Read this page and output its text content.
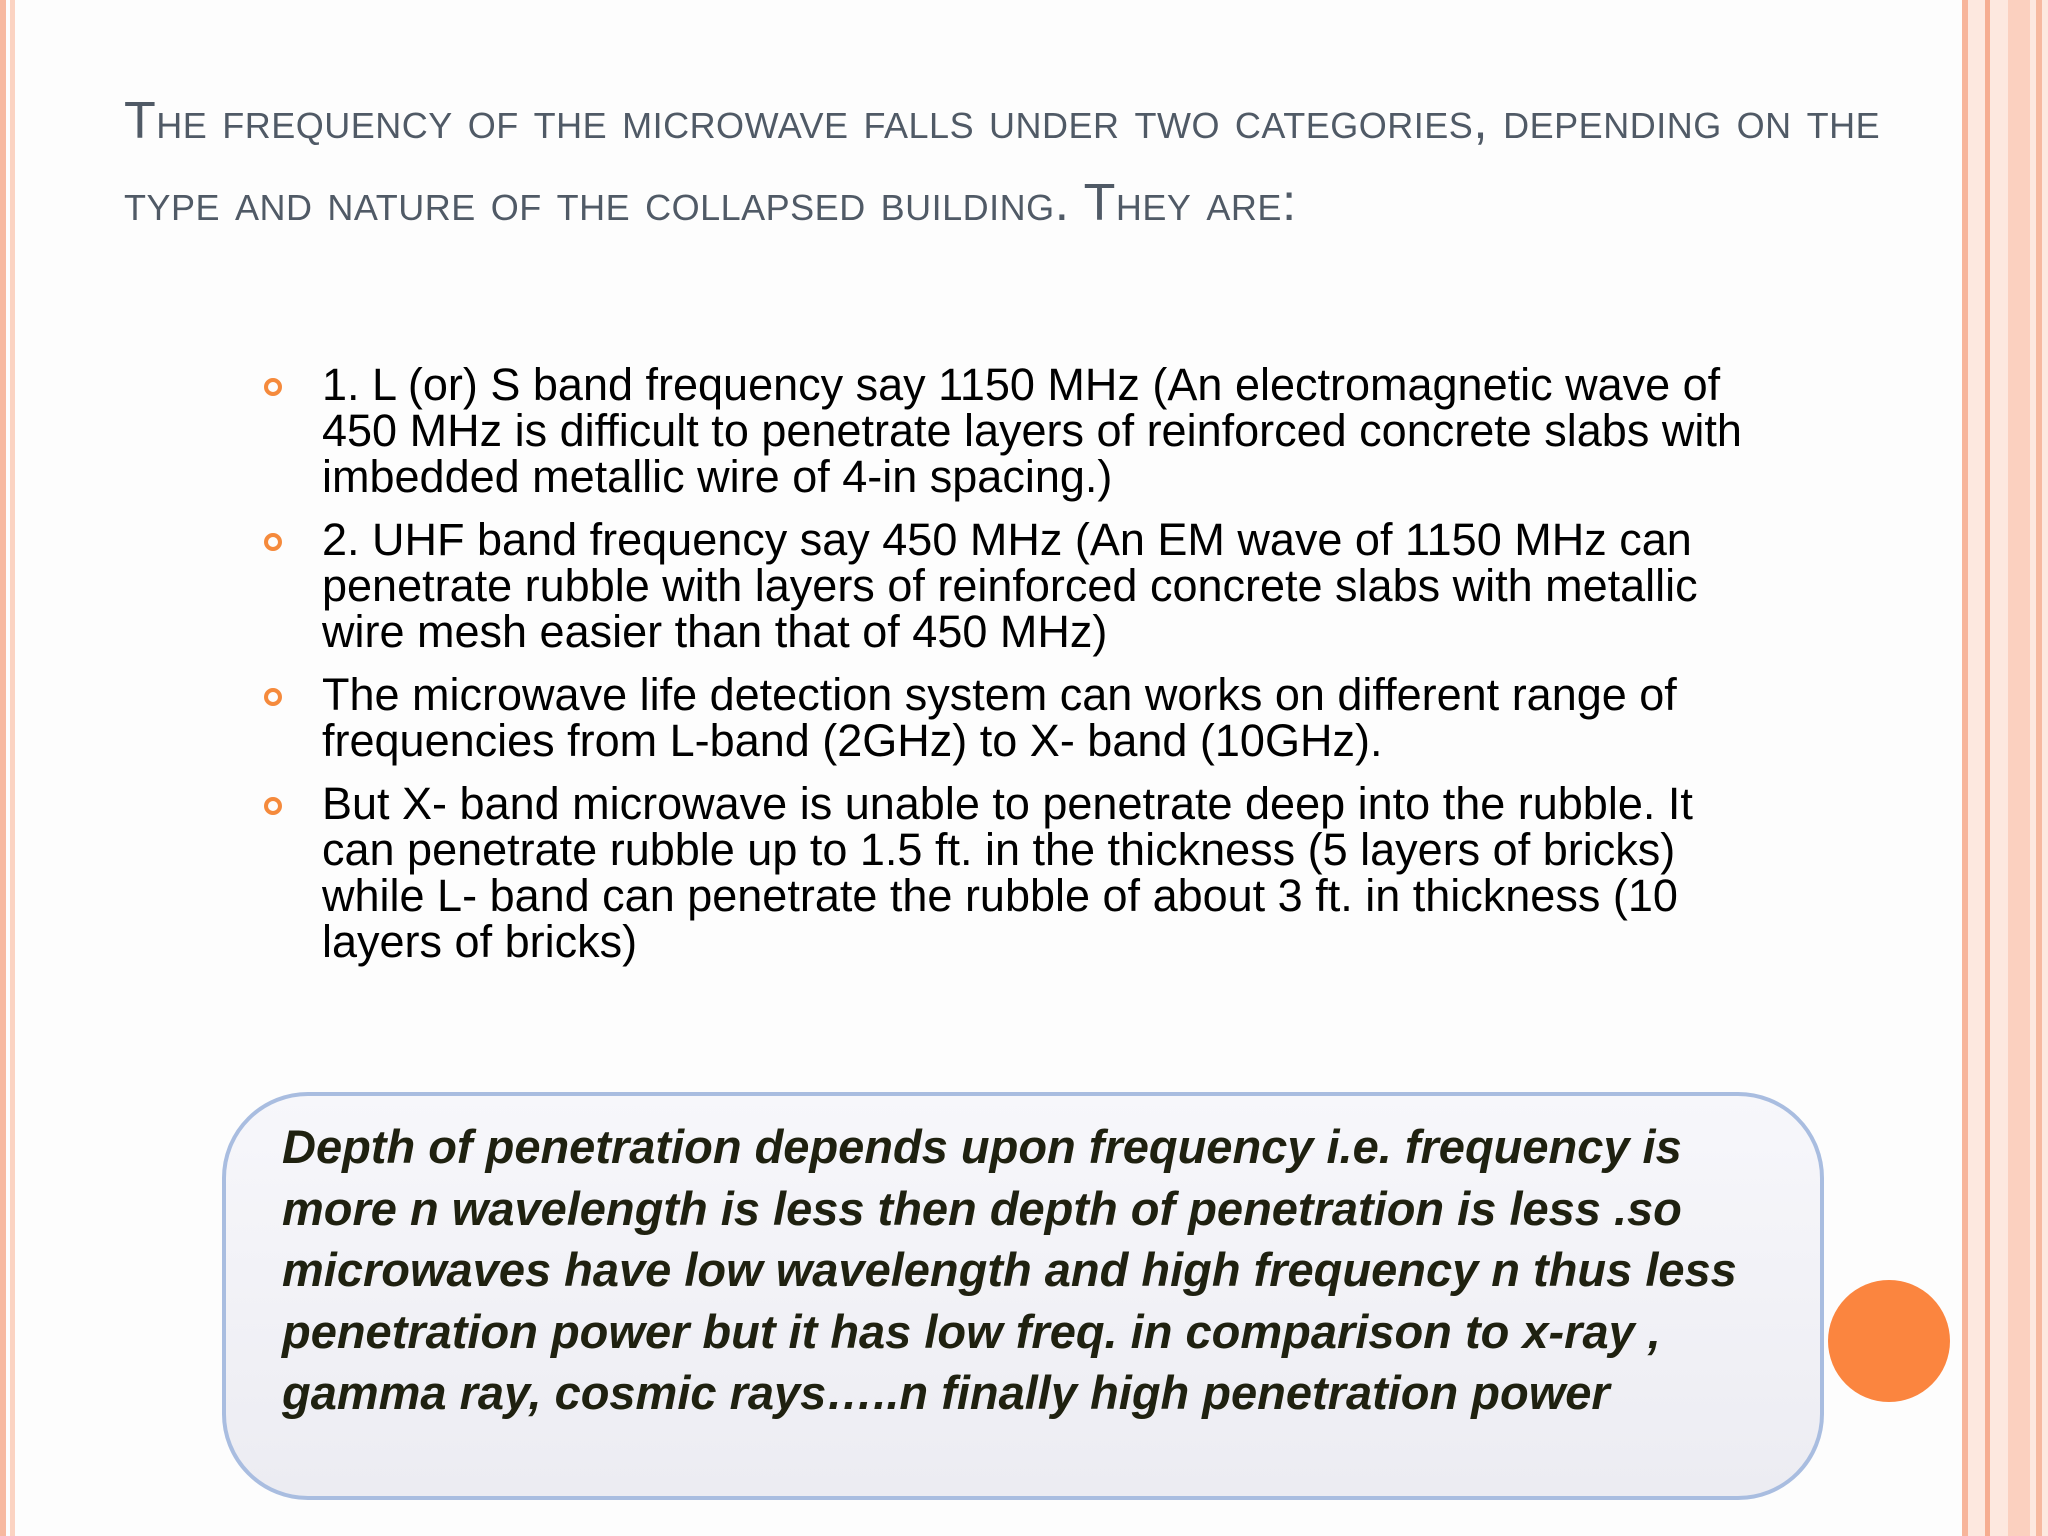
The frequency of the microwave falls under two categories, depending on the type and nature of the collapsed building. They are:
1. L (or) S band frequency say 1150 MHz (An electromagnetic wave of 450 MHz is difficult to penetrate layers of reinforced concrete slabs with imbedded metallic wire of 4-in spacing.)
2. UHF band frequency say 450 MHz (An EM wave of 1150 MHz can penetrate rubble with layers of reinforced concrete slabs with metallic wire mesh easier than that of 450 MHz)
The microwave life detection system can works on different range of frequencies from L-band (2GHz) to X- band (10GHz).
But X- band microwave is unable to penetrate deep into the rubble. It can penetrate rubble up to 1.5 ft. in the thickness (5 layers of bricks) while L- band can penetrate the rubble of about 3 ft. in thickness (10 layers of bricks)

Depth of penetration depends upon frequency i.e. frequency is more n wavelength is less then depth of penetration is less .so microwaves have low wavelength and high frequency n thus less penetration power but it has low freq. in comparison to x-ray , gamma ray, cosmic rays…..n finally high penetration power
